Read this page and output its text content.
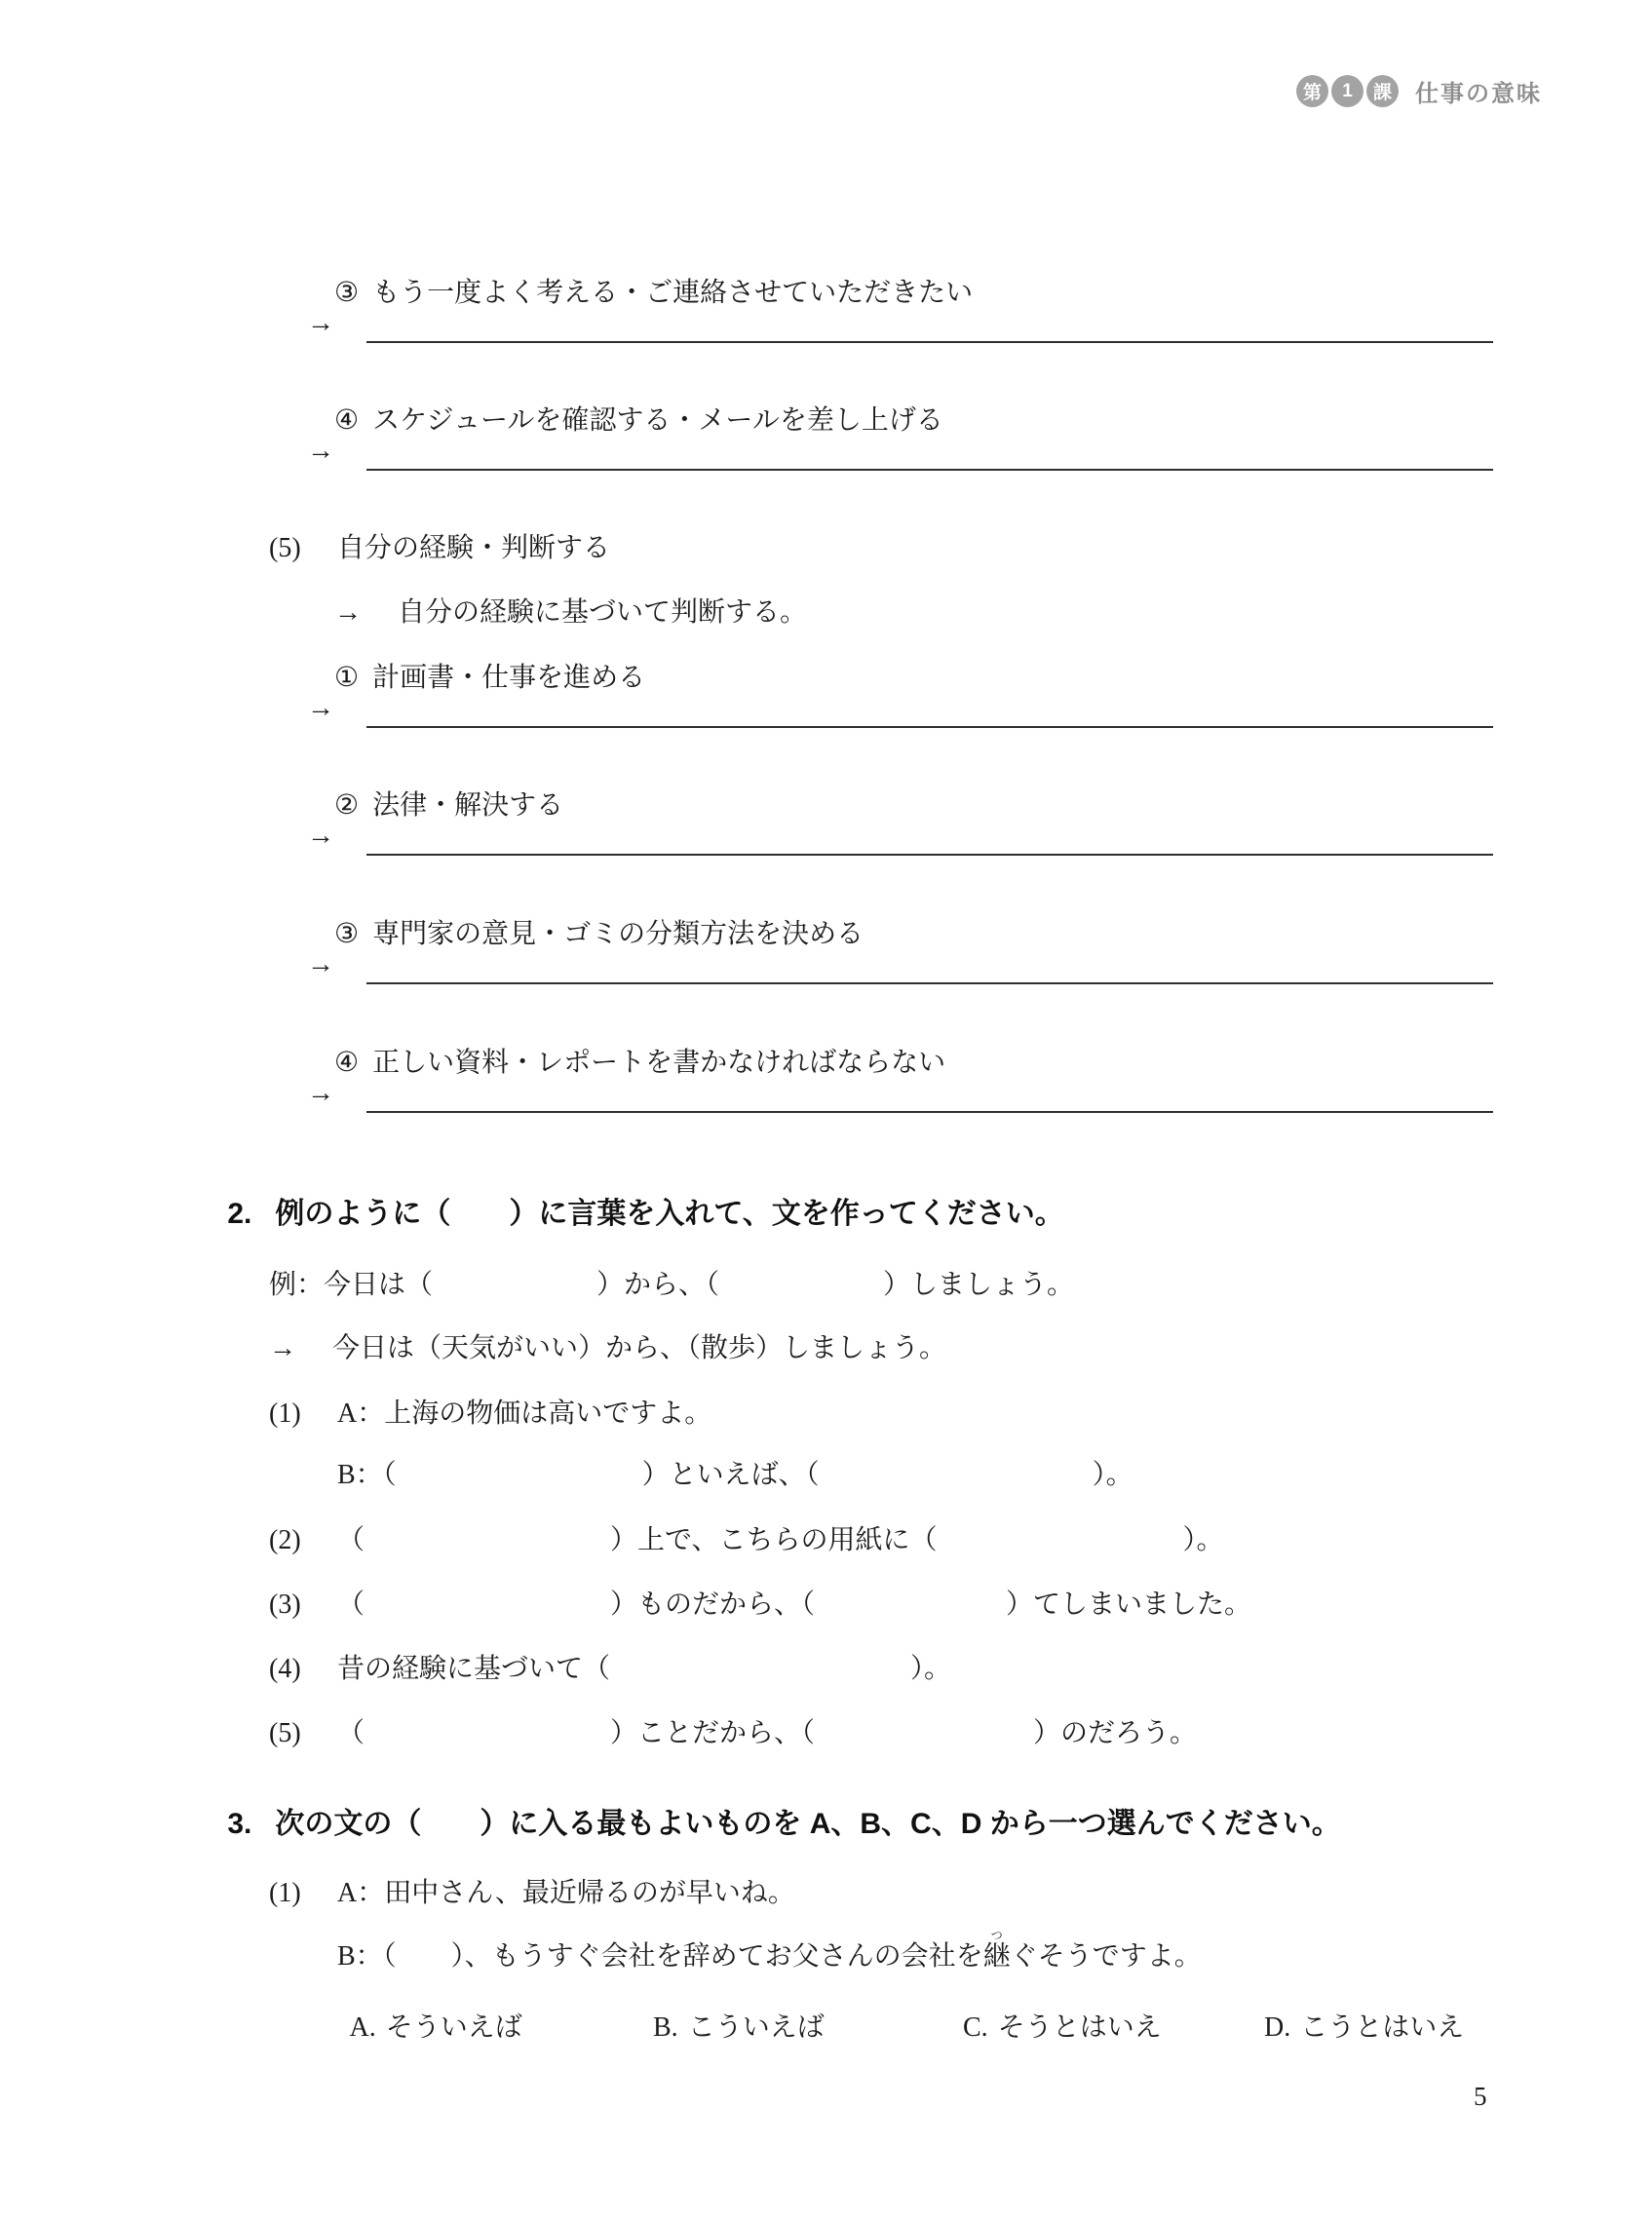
第	1	課 仕事の意味

③ もう一度よく考える・ご連絡させていただきたい

→

④ スケジュールを確認する・メールを差し上げる

→

(5) 自分の経験・判断する

→ 自分の経験に基づいて判断する。

① 計画書・仕事を進める

→

② 法律・解決する

→

③ 専門家の意見・ゴミの分類方法を決める

→

④ 正しい資料・レポートを書かなければならない

→

2. 例のように（　　）に言葉を入れて、文を作ってください。

例：今日は（　　　　　　）から、（　　　　　　）しましょう。

→ 今日は（天気がいい）から、（散歩）しましょう。

(1) A：上海の物価は高いですよ。

B：（　　　　　　　　　）といえば、（　　　　　　　　　　）。

(2) （　　　　　　　　　）上で、こちらの用紙に（　　　　　　　　　）。

(3) （　　　　　　　　　）ものだから、（　　　　　　　）てしまいました。

(4) 昔の経験に基づいて（　　　　　　　　　　　）。

(5) （　　　　　　　　　）ことだから、（　　　　　　　　）のだろう。

3. 次の文の（　　）に入る最もよいものを A、B、C、D から一つ選んでください。

(1) A：田中さん、最近帰るのが早いね。

B：（　　）、もうすぐ会社を辞めてお父さんの会社を継つぐそうですよ。

A. そういえば
	B. こういえば
	C. そうとはいえ
	D. こうとはいえ

5
